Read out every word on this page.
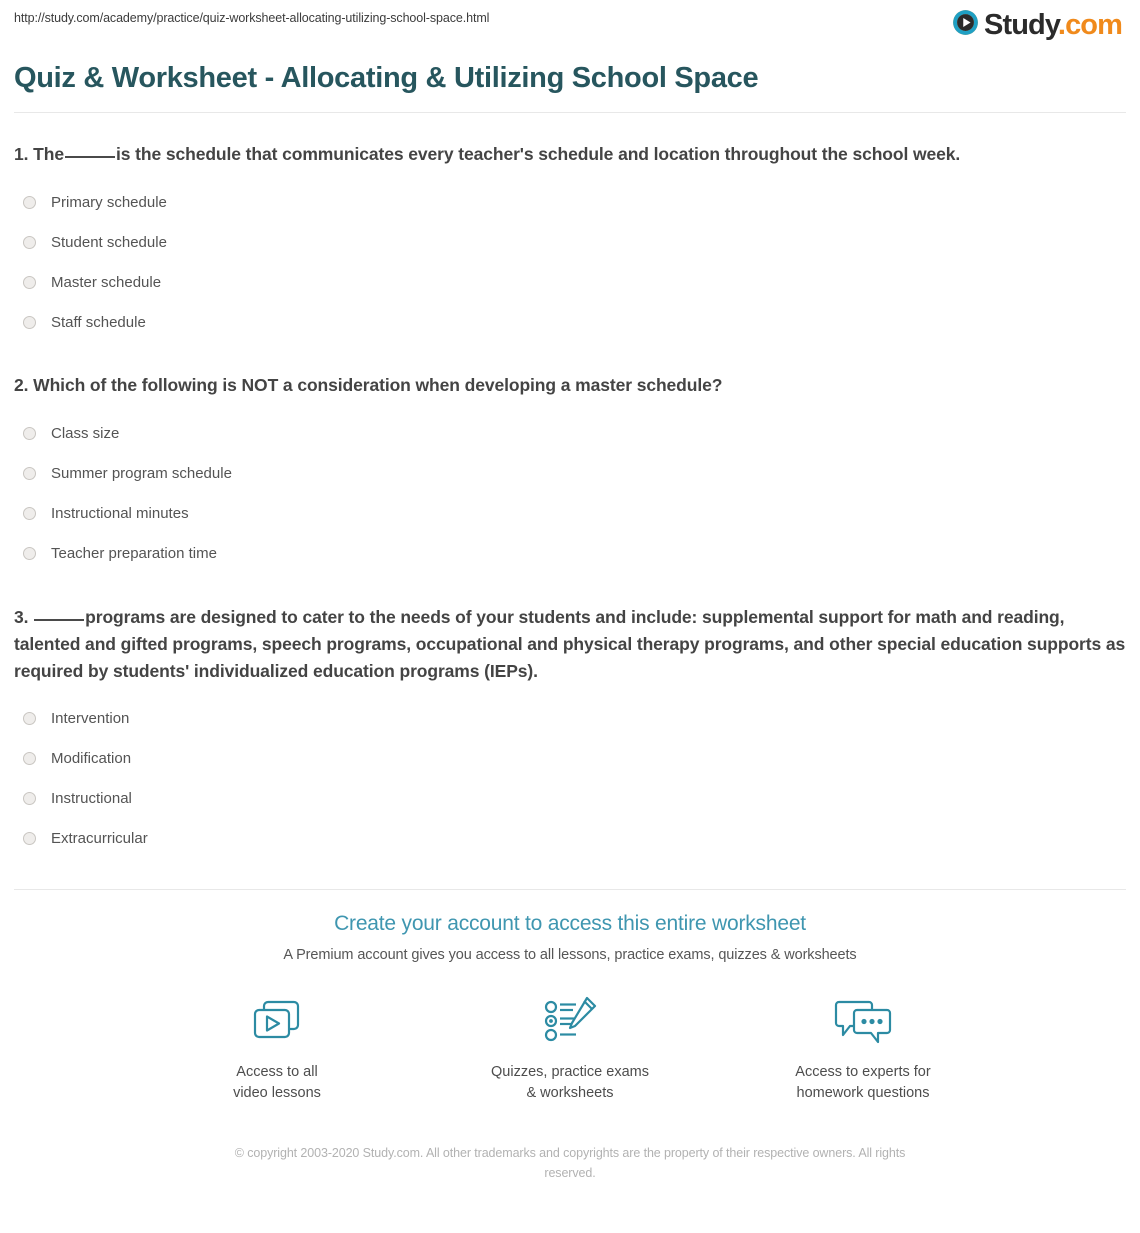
http://study.com/academy/practice/quiz-worksheet-allocating-utilizing-school-space.html	Study.com
Quiz & Worksheet - Allocating & Utilizing School Space

1. The	is the schedule that communicates every teacher's schedule and location throughout the school week.

Primary schedule
Student schedule
Master schedule
Staff schedule

2. Which of the following is NOT a consideration when developing a master schedule?

Class size
Summer program schedule
Instructional minutes
Teacher preparation time

3.	programs are designed to cater to the needs of your students and include: supplemental support for math and reading, talented and gifted programs, speech programs, occupational and physical therapy programs, and other special education supports as required by students' individualized education programs (IEPs).

Intervention
Modification
Instructional
Extracurricular
Create your account to access this entire worksheet

A Premium account gives you access to all lessons, practice exams, quizzes & worksheets

Access to all
video lessons
Quizzes, practice exams
& worksheets
Access to experts for
homework questions
© copyright 2003-2020 Study.com. All other trademarks and copyrights are the property of their respective owners. All rights reserved.
